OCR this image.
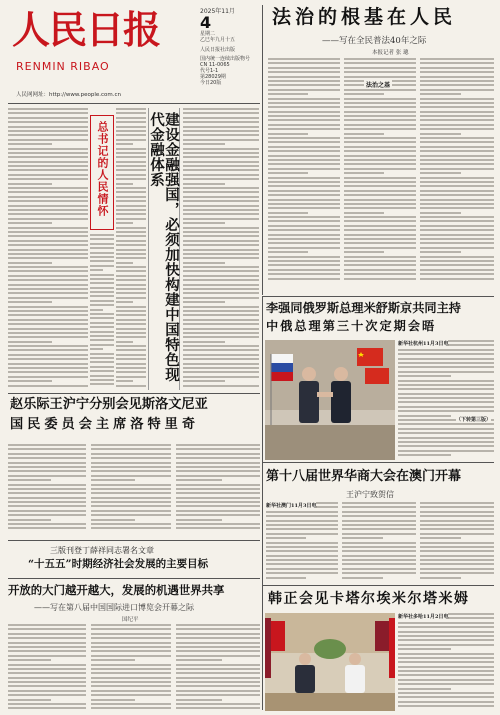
人民日报
RENMIN RIBAO
人民网网址：http://www.people.com.cn
2025年11月
4
星期二
乙巳年九月十五
人民日报社出版
国内统一连续出版物号
CN 11-0065
代号1-1
第28029期
今日20版
法治的根基在人民
——写在全民普法40年之际
本报记者 张 璁
法治之基
总书记的人民情怀	建设金融强国，必须加快构建中国特色现代金融体系
李强同俄罗斯总理米舒斯京共同主持
中俄总理第三十次定期会晤
新华社杭州11月3日电
（下转第三版）
赵乐际王沪宁分别会见斯洛文尼亚
国民委员会主席洛特里奇
第十八届世界华商大会在澳门开幕
王沪宁致贺信
新华社澳门11月3日电
三版刊登丁薛祥同志署名文章
“十五五”时期经济社会发展的主要目标
开放的大门越开越大，发展的机遇世界共享
——写在第八届中国国际进口博览会开幕之际
国纪平
韩正会见卡塔尔埃米尔塔米姆
新华社多哈11月2日电
